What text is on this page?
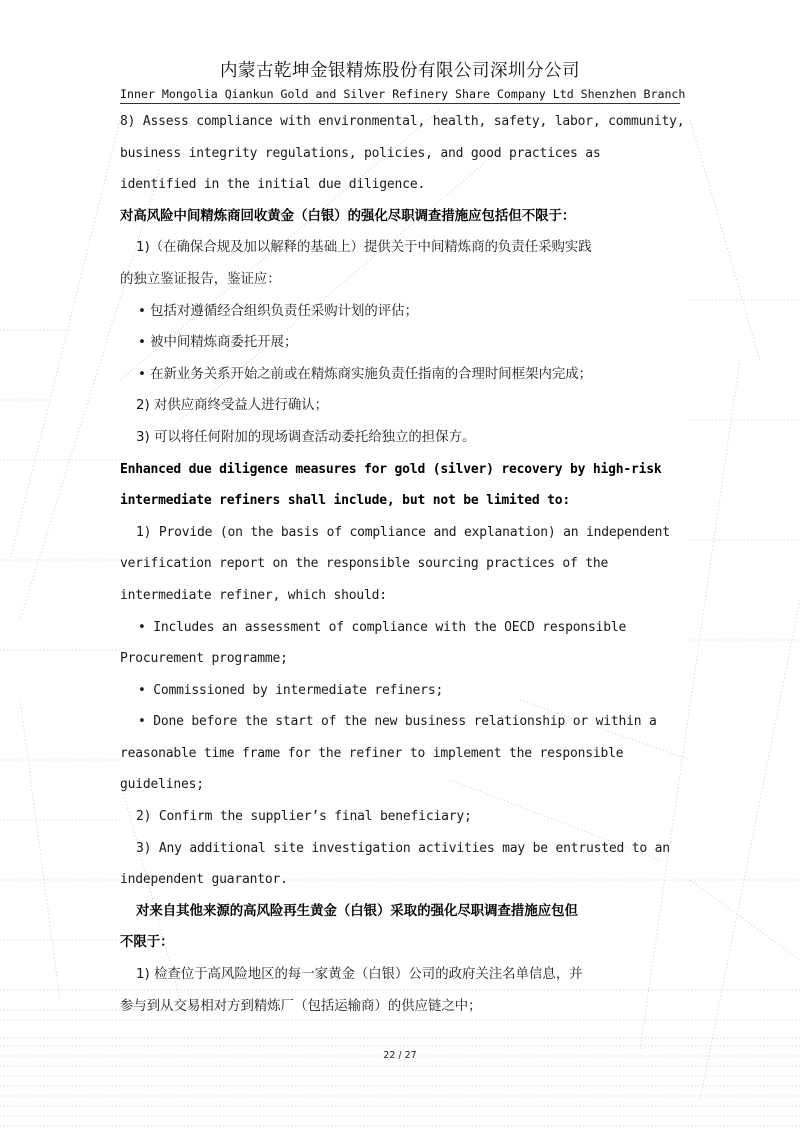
内蒙古乾坤金银精炼股份有限公司深圳分公司
Inner Mongolia Qiankun Gold and Silver Refinery Share Company Ltd Shenzhen Branch
8) Assess compliance with environmental, health, safety, labor, community,
business integrity regulations, policies, and good practices as
identified in the initial due diligence.
对高风险中间精炼商回收黄金（白银）的强化尽职调查措施应包括但不限于：
1)（在确保合规及加以解释的基础上）提供关于中间精炼商的负责任采购实践
的独立鉴证报告，鉴证应：
• 包括对遵循经合组织负责任采购计划的评估；
• 被中间精炼商委托开展；
• 在新业务关系开始之前或在精炼商实施负责任指南的合理时间框架内完成；
2) 对供应商终受益人进行确认；
3) 可以将任何附加的现场调查活动委托给独立的担保方。
Enhanced due diligence measures for gold (silver) recovery by high-risk
intermediate refiners shall include, but not be limited to:
1) Provide (on the basis of compliance and explanation) an independent
verification report on the responsible sourcing practices of the
intermediate refiner, which should:
• Includes an assessment of compliance with the OECD responsible
Procurement programme;
• Commissioned by intermediate refiners;
• Done before the start of the new business relationship or within a
reasonable time frame for the refiner to implement the responsible
guidelines;
2) Confirm the supplier’s final beneficiary;
3) Any additional site investigation activities may be entrusted to an
independent guarantor.
对来自其他来源的高风险再生黄金（白银）采取的强化尽职调查措施应包但
不限于：
1) 检查位于高风险地区的每一家黄金（白银）公司的政府关注名单信息，并
参与到从交易相对方到精炼厂（包括运输商）的供应链之中；
22 / 27
